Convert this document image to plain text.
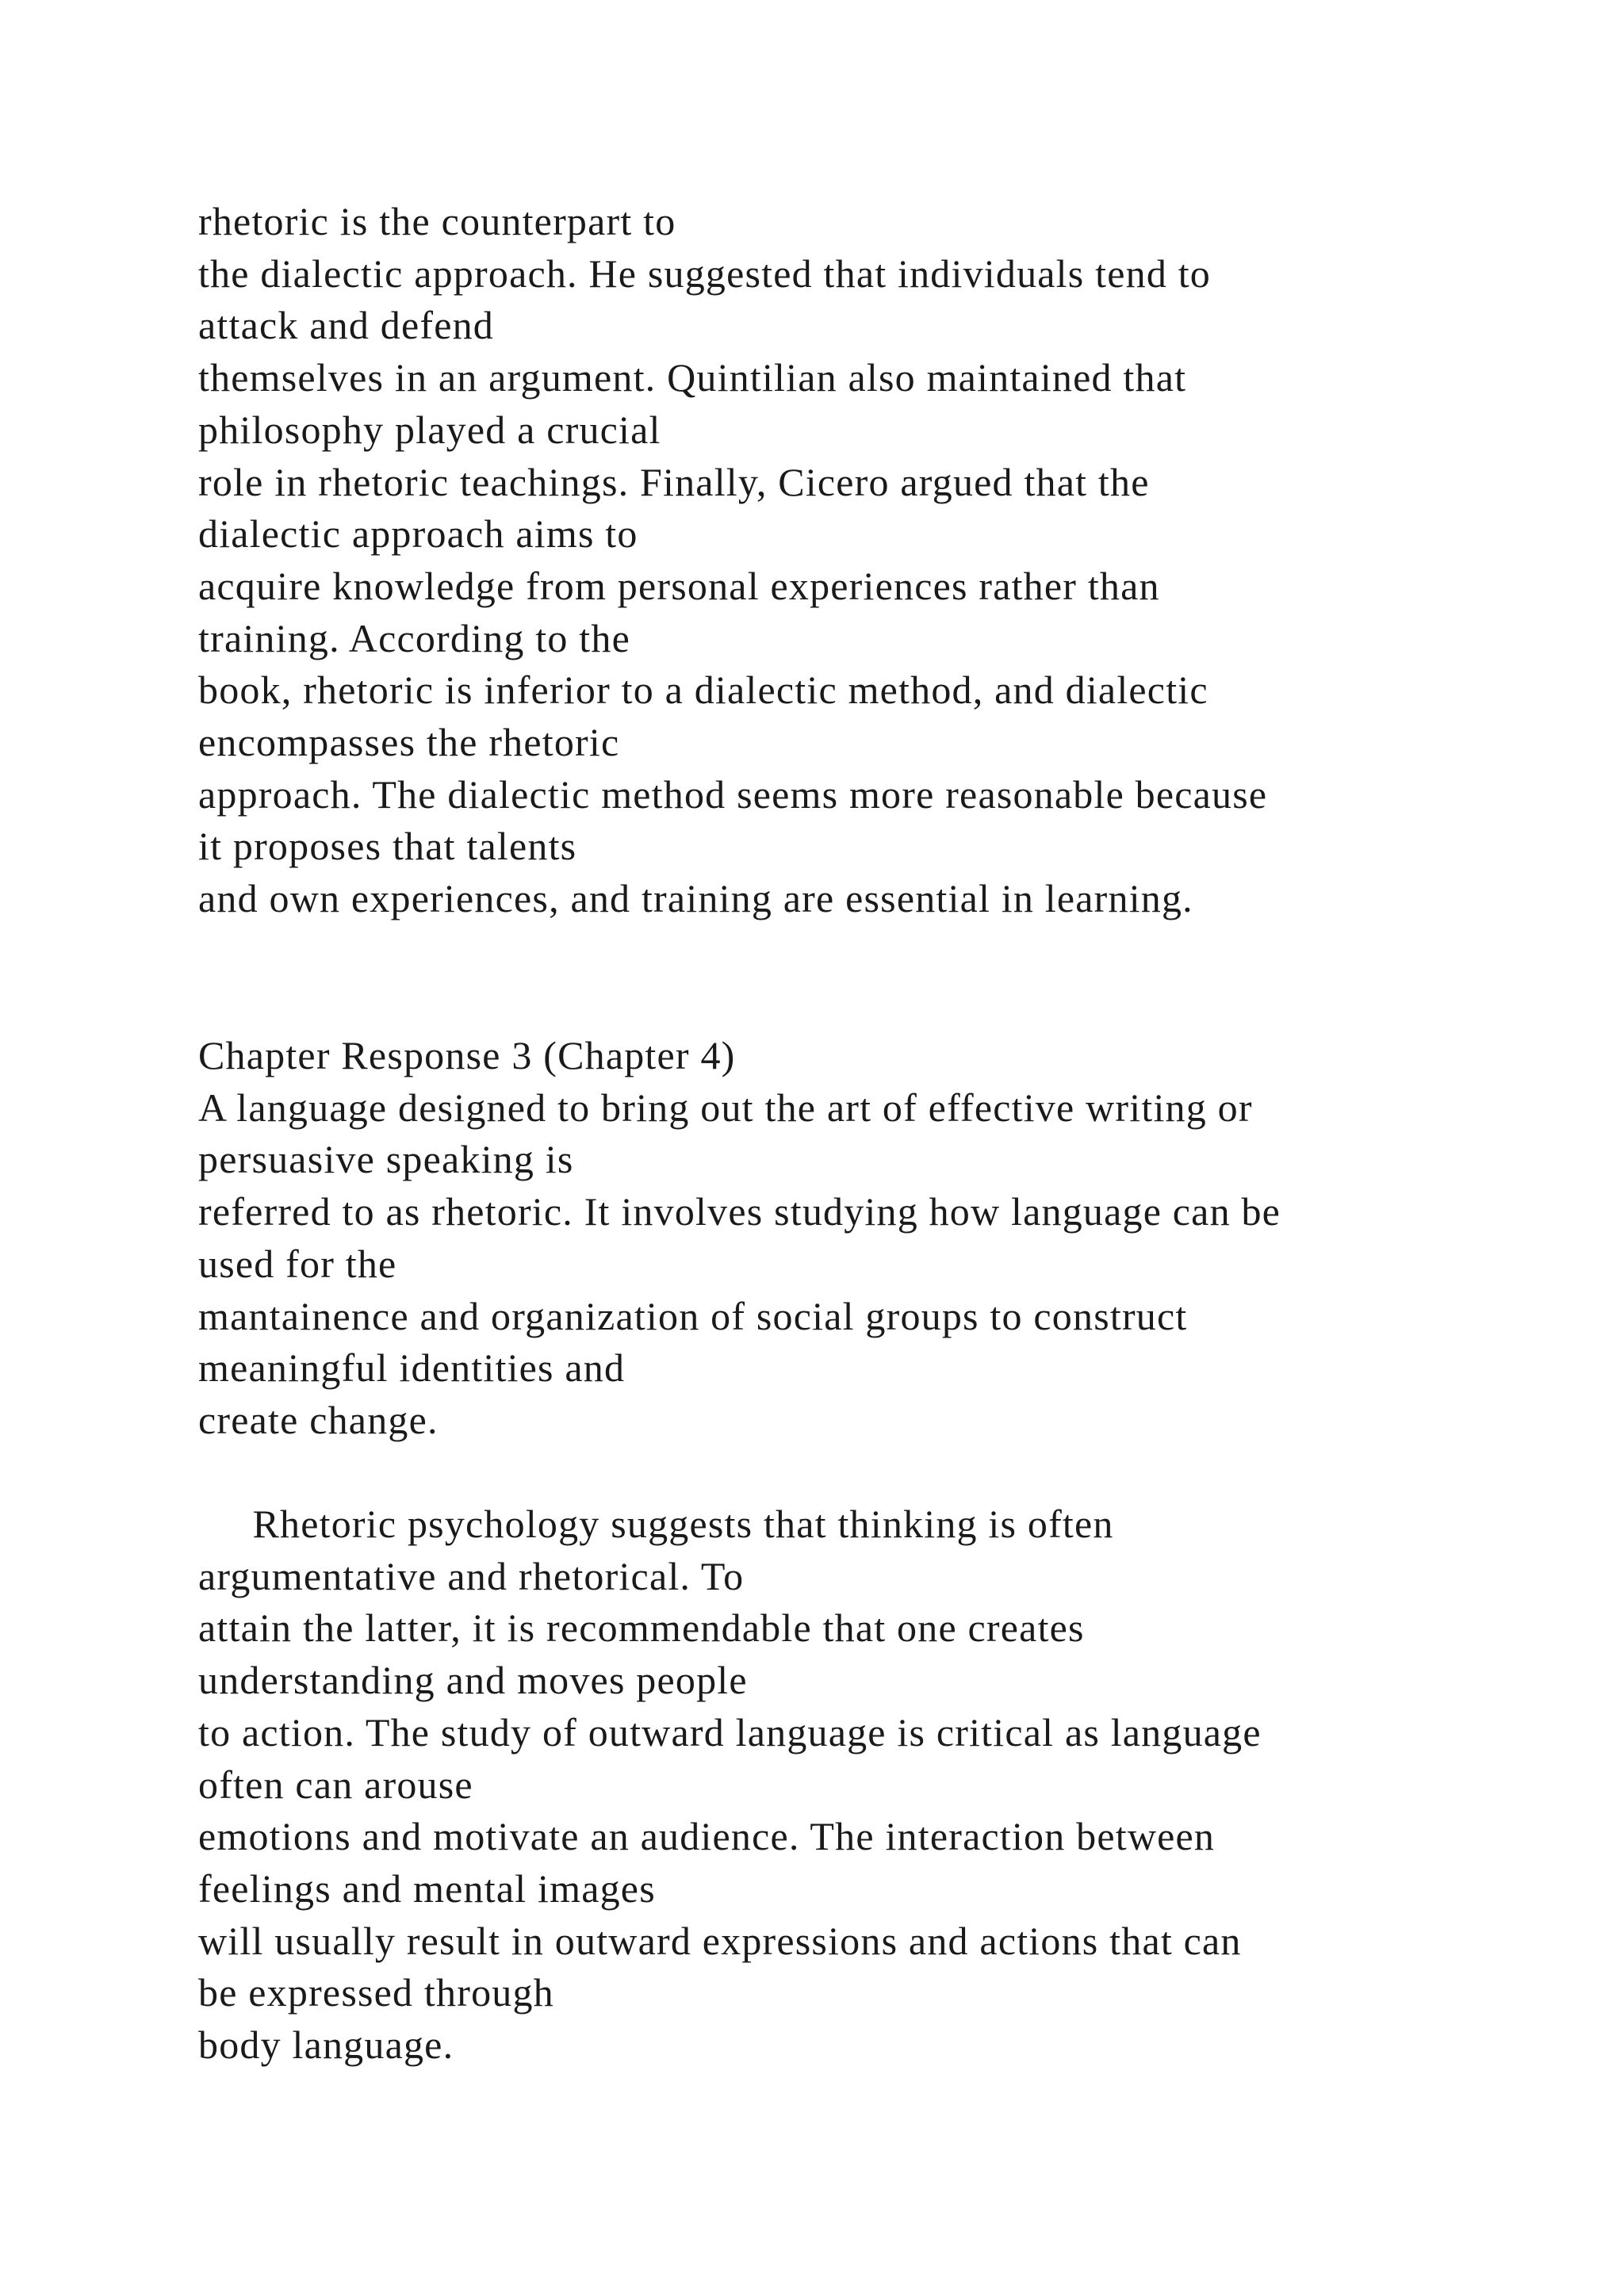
rhetoric is the counterpart to
the dialectic approach. He suggested that individuals tend to
attack and defend
themselves in an argument. Quintilian also maintained that
philosophy played a crucial
role in rhetoric teachings. Finally, Cicero argued that the
dialectic approach aims to
acquire knowledge from personal experiences rather than
training. According to the
book, rhetoric is inferior to a dialectic method, and dialectic
encompasses the rhetoric
approach. The dialectic method seems more reasonable because
it proposes that talents
and own experiences, and training are essential in learning.
Chapter Response 3 (Chapter 4)
A language designed to bring out the art of effective writing or
persuasive speaking is
referred to as rhetoric. It involves studying how language can be
used for the
mantainence and organization of social groups to construct
meaningful identities and
create change.
Rhetoric psychology suggests that thinking is often
argumentative and rhetorical. To
attain the latter, it is recommendable that one creates
understanding and moves people
to action. The study of outward language is critical as language
often can arouse
emotions and motivate an audience. The interaction between
feelings and mental images
will usually result in outward expressions and actions that can
be expressed through
body language.
